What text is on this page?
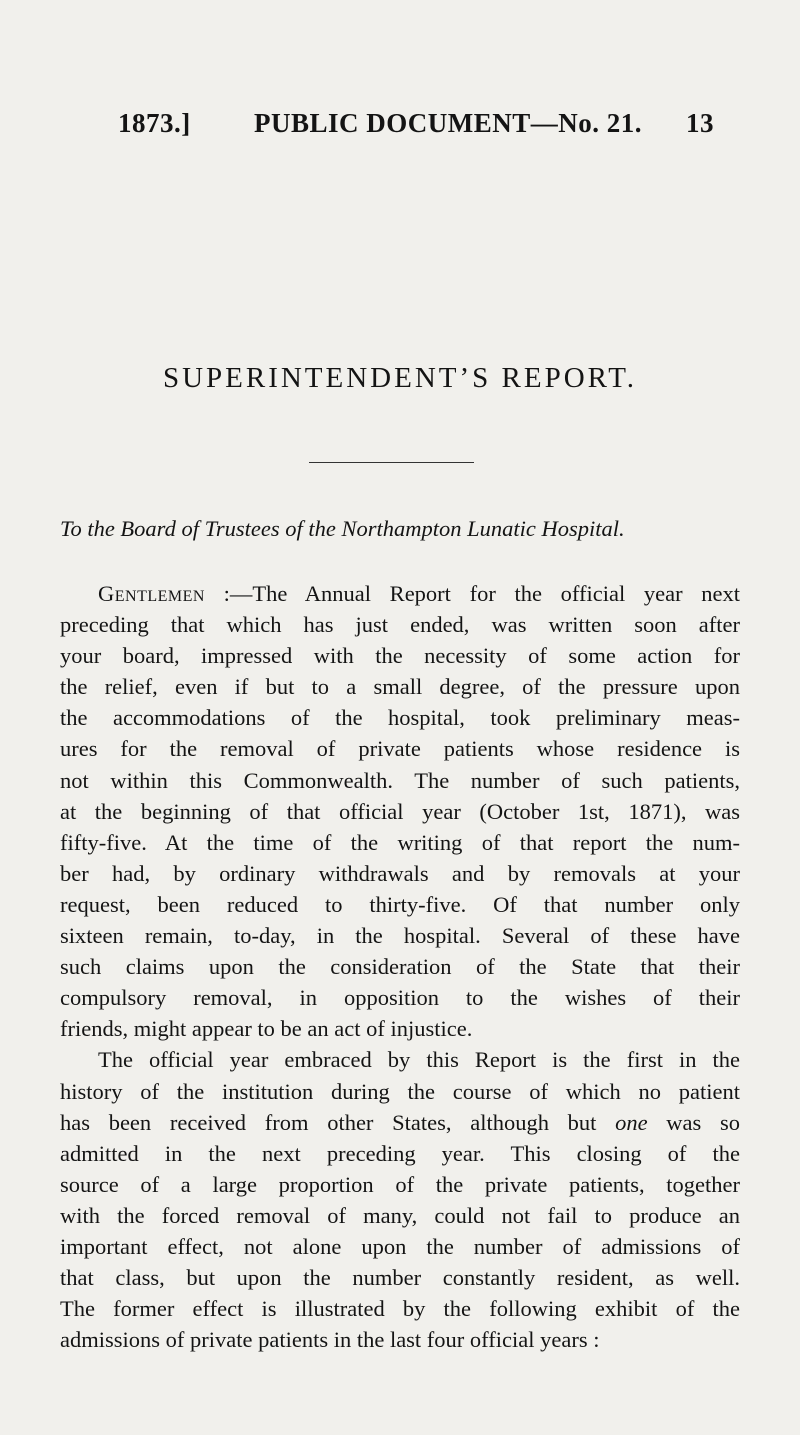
1873.] PUBLIC DOCUMENT—No. 21. 13
SUPERINTENDENT’S REPORT.
To the Board of Trustees of the Northampton Lunatic Hospital.
Gentlemen :—The Annual Report for the official year next
preceding that which has just ended, was written soon after
your board, impressed with the necessity of some action for
the relief, even if but to a small degree, of the pressure upon
the accommodations of the hospital, took preliminary meas-
ures for the removal of private patients whose residence is
not within this Commonwealth. The number of such patients,
at the beginning of that official year (October 1st, 1871), was
fifty-five. At the time of the writing of that report the num-
ber had, by ordinary withdrawals and by removals at your
request, been reduced to thirty-five. Of that number only
sixteen remain, to-day, in the hospital. Several of these have
such claims upon the consideration of the State that their
compulsory removal, in opposition to the wishes of their
friends, might appear to be an act of injustice.
The official year embraced by this Report is the first in the
history of the institution during the course of which no patient
has been received from other States, although but one was so
admitted in the next preceding year. This closing of the
source of a large proportion of the private patients, together
with the forced removal of many, could not fail to produce an
important effect, not alone upon the number of admissions of
that class, but upon the number constantly resident, as well.
The former effect is illustrated by the following exhibit of the
admissions of private patients in the last four official years :
